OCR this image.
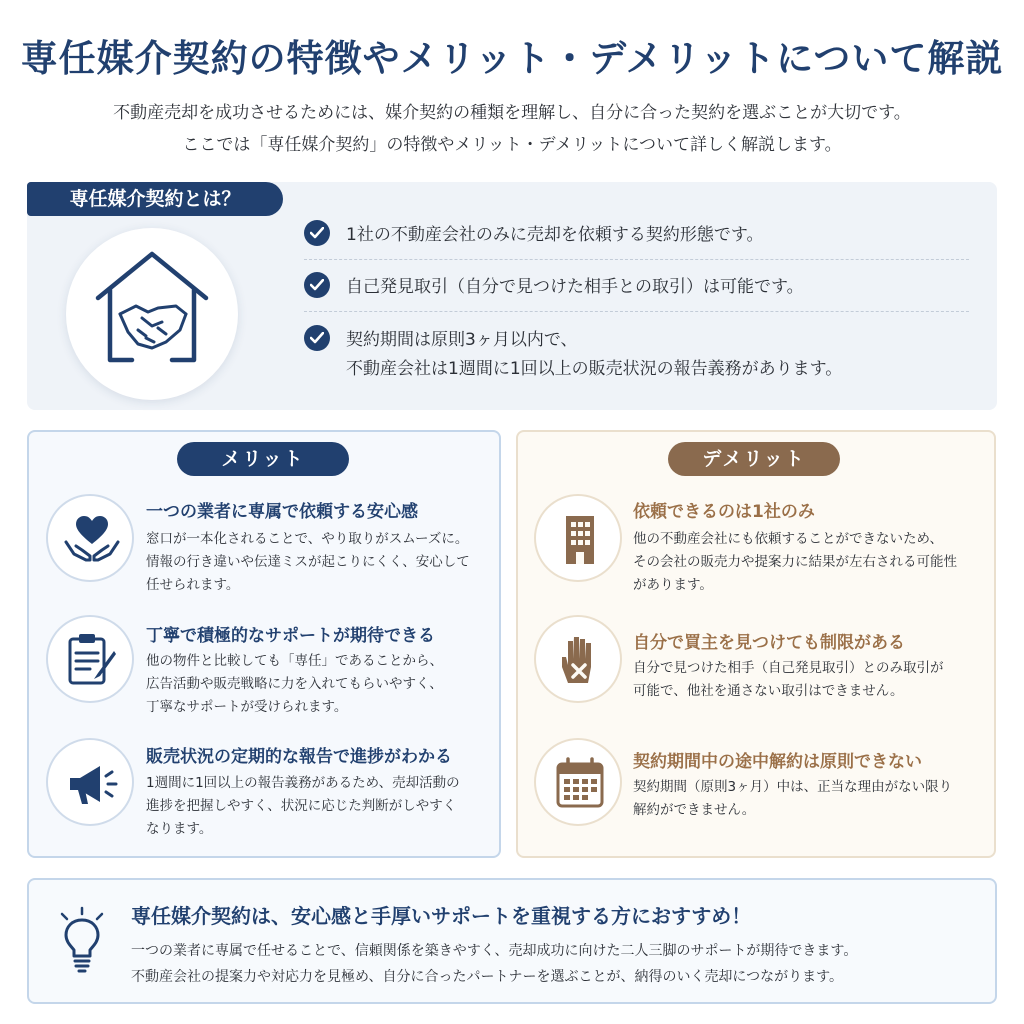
専任媒介契約の特徴やメリット・デメリットについて解説
不動産売却を成功させるためには、媒介契約の種類を理解し、自分に合った契約を選ぶことが大切です。
ここでは「専任媒介契約」の特徴やメリット・デメリットについて詳しく解説します。
専任媒介契約とは？
1社の不動産会社のみに売却を依頼する契約形態です。
自己発見取引（自分で見つけた相手との取引）は可能です。
契約期間は原則3ヶ月以内で、
不動産会社は1週間に1回以上の販売状況の報告義務があります。
メリット
一つの業者に専属で依頼する安心感
窓口が一本化されることで、やり取りがスムーズに。
情報の行き違いや伝達ミスが起こりにくく、安心して
任せられます。
丁寧で積極的なサポートが期待できる
他の物件と比較しても「専任」であることから、
広告活動や販売戦略に力を入れてもらいやすく、
丁寧なサポートが受けられます。
販売状況の定期的な報告で進捗がわかる
1週間に1回以上の報告義務があるため、売却活動の
進捗を把握しやすく、状況に応じた判断がしやすく
なります。
デメリット
依頼できるのは1社のみ
他の不動産会社にも依頼することができないため、
その会社の販売力や提案力に結果が左右される可能性
があります。
自分で買主を見つけても制限がある
自分で見つけた相手（自己発見取引）とのみ取引が
可能で、他社を通さない取引はできません。
契約期間中の途中解約は原則できない
契約期間（原則3ヶ月）中は、正当な理由がない限り
解約ができません。
専任媒介契約は、安心感と手厚いサポートを重視する方におすすめ！
一つの業者に専属で任せることで、信頼関係を築きやすく、売却成功に向けた二人三脚のサポートが期待できます。
不動産会社の提案力や対応力を見極め、自分に合ったパートナーを選ぶことが、納得のいく売却につながります。
